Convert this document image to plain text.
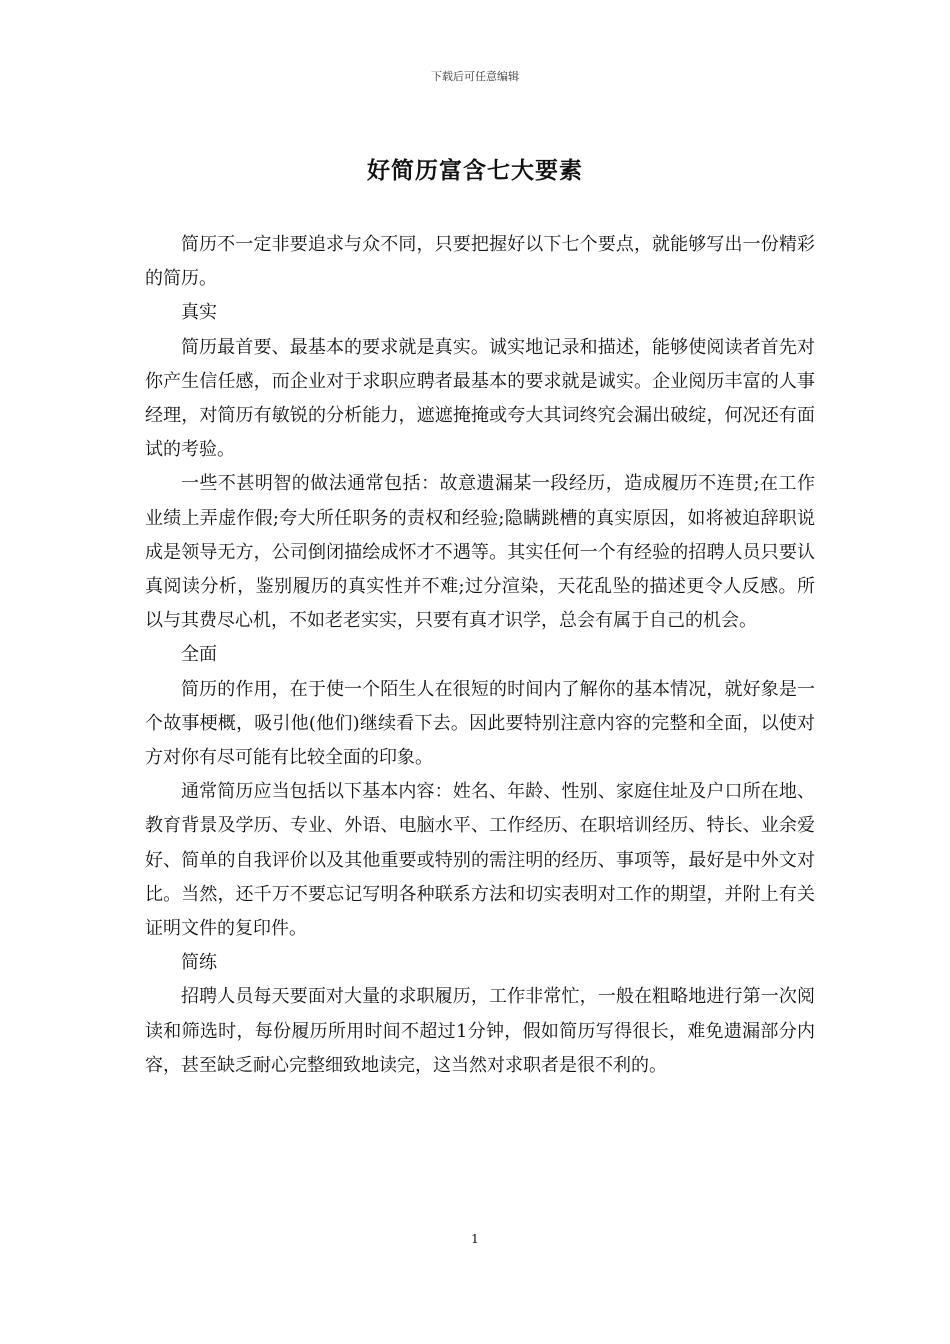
下载后可任意编辑
好简历富含七大要素

简历不一定非要追求与众不同，只要把握好以下七个要点，就能够写出一份精彩的简历。

真实

简历最首要、最基本的要求就是真实。诚实地记录和描述，能够使阅读者首先对你产生信任感，而企业对于求职应聘者最基本的要求就是诚实。企业阅历丰富的人事经理，对简历有敏锐的分析能力，遮遮掩掩或夸大其词终究会漏出破绽，何况还有面试的考验。

一些不甚明智的做法通常包括：故意遗漏某一段经历，造成履历不连贯;在工作业绩上弄虚作假;夸大所任职务的责权和经验;隐瞒跳槽的真实原因，如将被迫辞职说成是领导无方，公司倒闭描绘成怀才不遇等。其实任何一个有经验的招聘人员只要认真阅读分析，鉴别履历的真实性并不难;过分渲染，天花乱坠的描述更令人反感。所以与其费尽心机，不如老老实实，只要有真才识学，总会有属于自己的机会。

全面

简历的作用，在于使一个陌生人在很短的时间内了解你的基本情况，就好象是一个故事梗概，吸引他(他们)继续看下去。因此要特别注意内容的完整和全面，以使对方对你有尽可能有比较全面的印象。

通常简历应当包括以下基本内容：姓名、年龄、性别、家庭住址及户口所在地、教育背景及学历、专业、外语、电脑水平、工作经历、在职培训经历、特长、业余爱好、简单的自我评价以及其他重要或特别的需注明的经历、事项等，最好是中外文对比。当然，还千万不要忘记写明各种联系方法和切实表明对工作的期望，并附上有关证明文件的复印件。

简练

招聘人员每天要面对大量的求职履历，工作非常忙，一般在粗略地进行第一次阅读和筛选时，每份履历所用时间不超过1分钟，假如简历写得很长，难免遗漏部分内容，甚至缺乏耐心完整细致地读完，这当然对求职者是很不利的。

1
